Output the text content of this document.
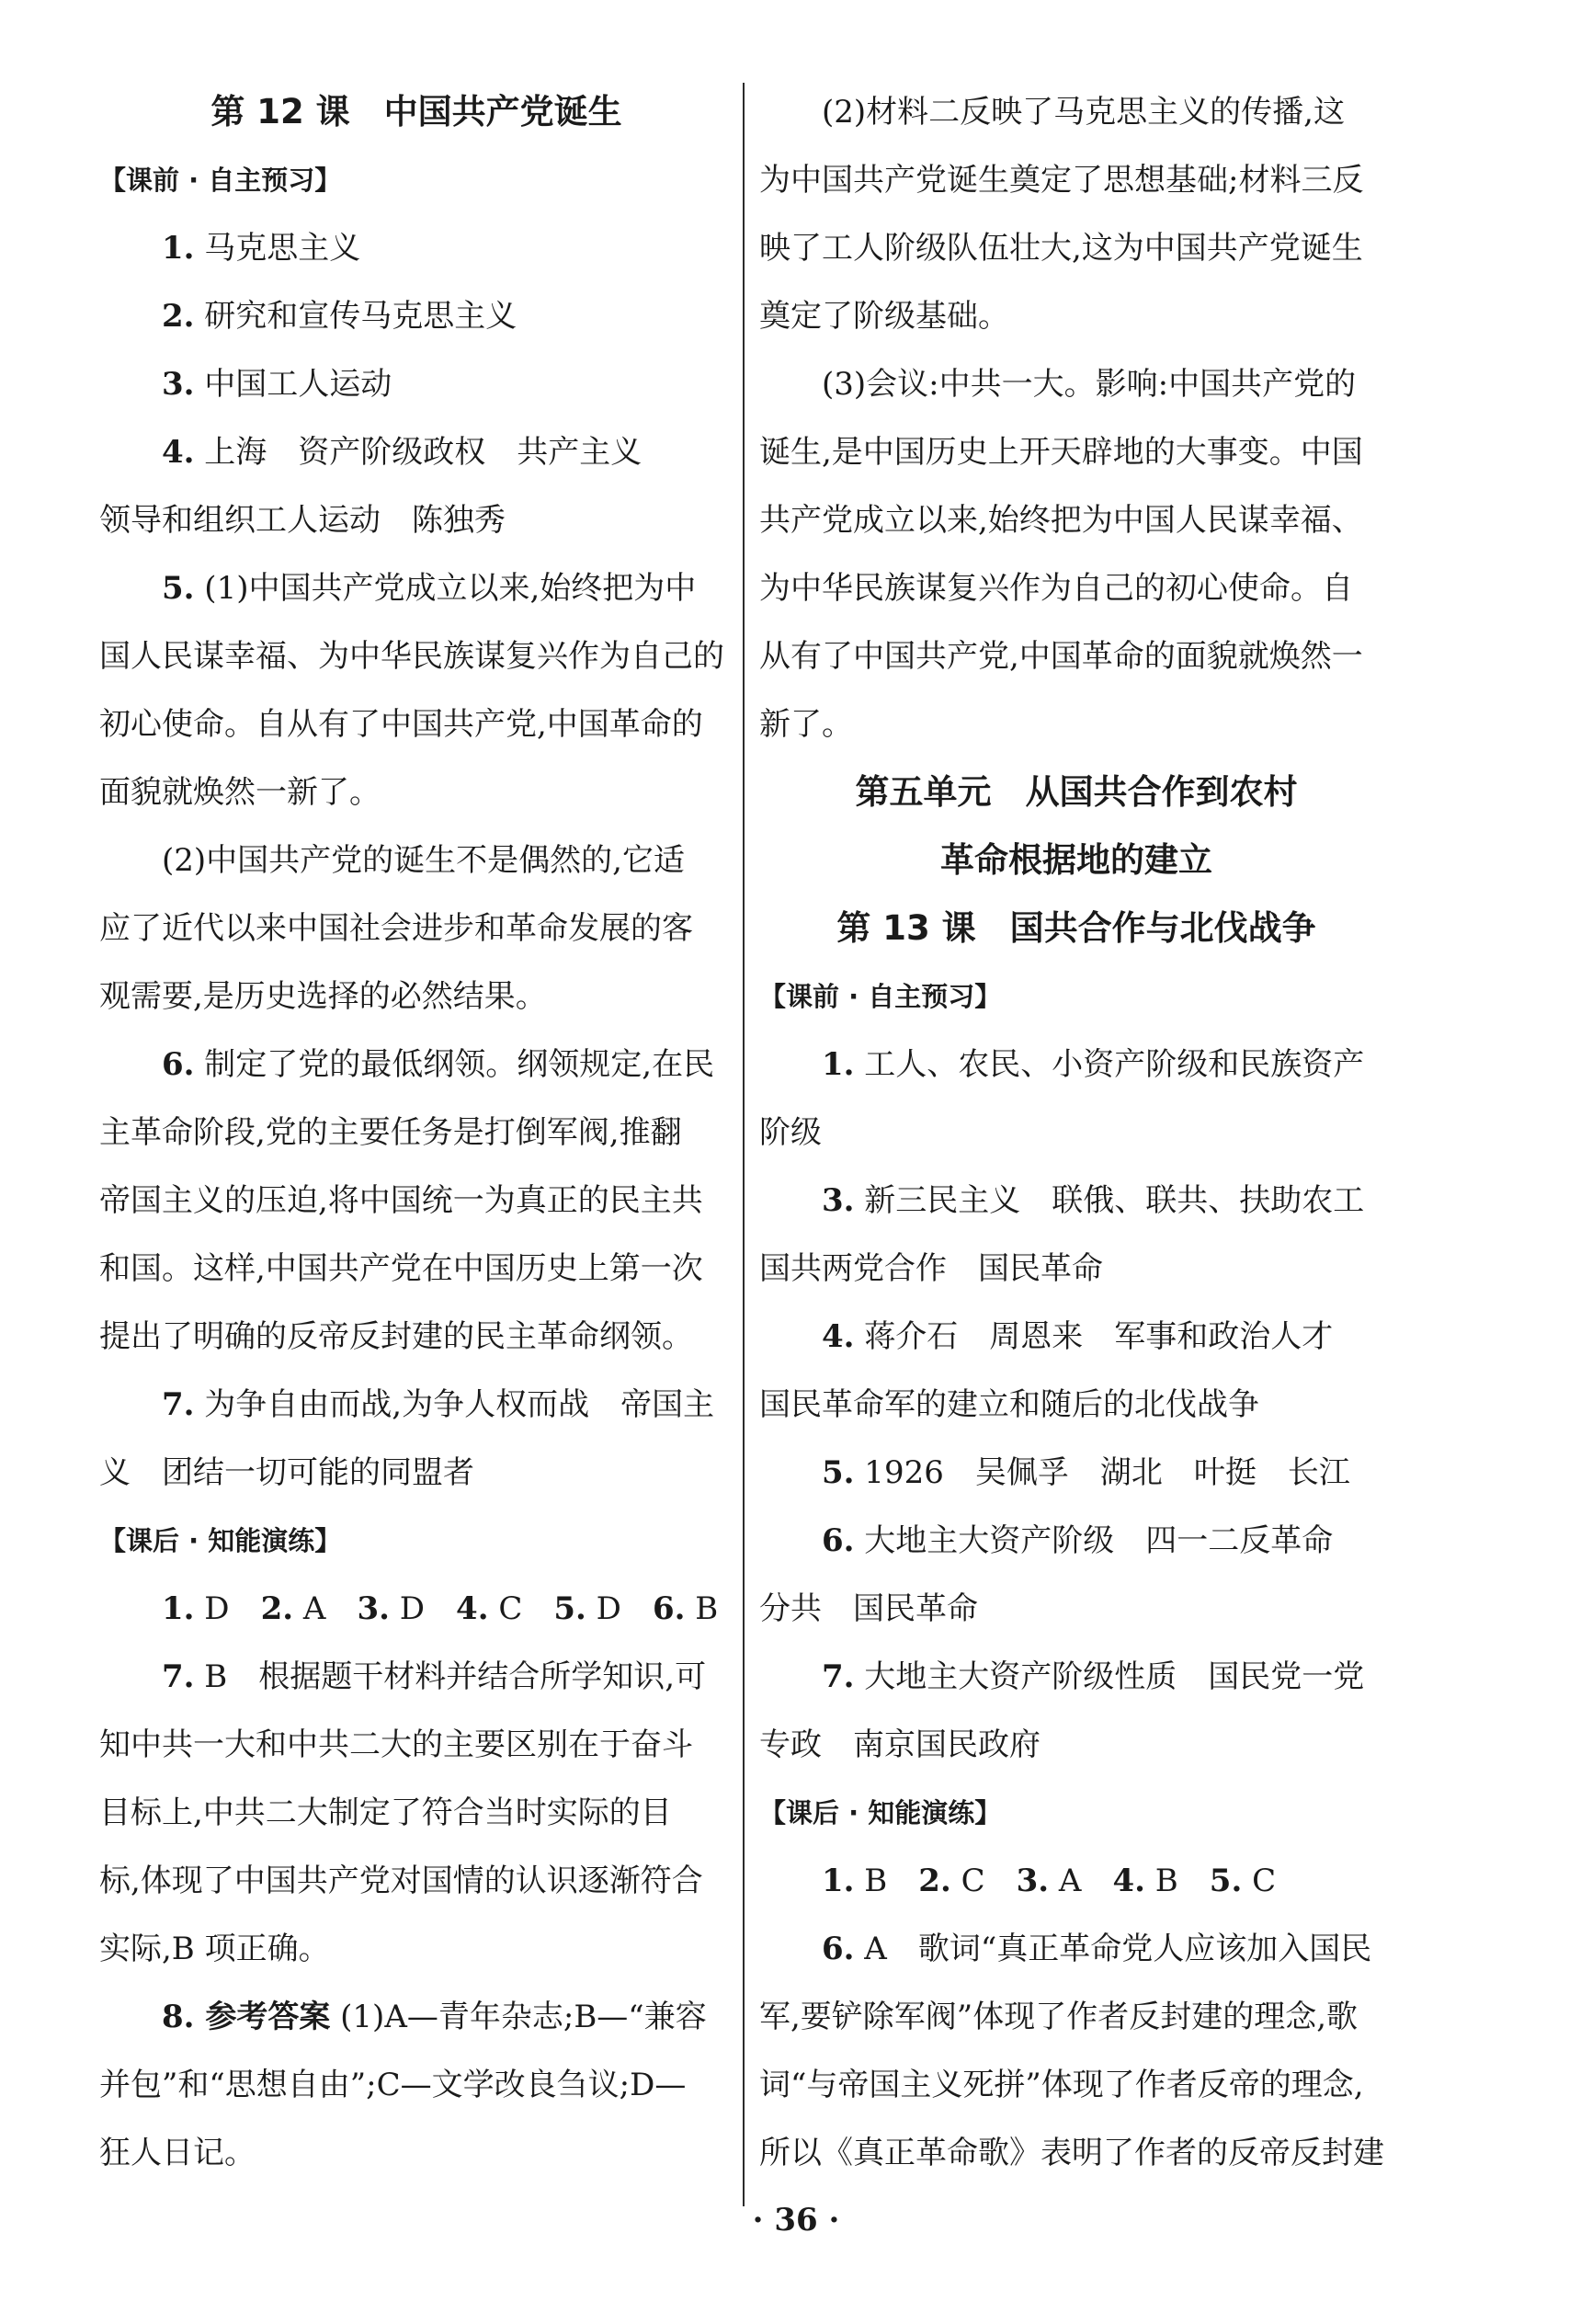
第 12 课　中国共产党诞生
【课前 · 自主预习】
1. 马克思主义
2. 研究和宣传马克思主义
3. 中国工人运动
4. 上海　资产阶级政权　共产主义
领导和组织工人运动　陈独秀
5. (1)中国共产党成立以来,始终把为中
国人民谋幸福、为中华民族谋复兴作为自己的
初心使命。自从有了中国共产党,中国革命的
面貌就焕然一新了。
(2)中国共产党的诞生不是偶然的,它适
应了近代以来中国社会进步和革命发展的客
观需要,是历史选择的必然结果。
6. 制定了党的最低纲领。纲领规定,在民
主革命阶段,党的主要任务是打倒军阀,推翻
帝国主义的压迫,将中国统一为真正的民主共
和国。这样,中国共产党在中国历史上第一次
提出了明确的反帝反封建的民主革命纲领。
7. 为争自由而战,为争人权而战　帝国主
义　团结一切可能的同盟者
【课后 · 知能演练】
1. D　2. A　3. D　4. C　5. D　6. B
7. B　根据题干材料并结合所学知识,可
知中共一大和中共二大的主要区别在于奋斗
目标上,中共二大制定了符合当时实际的目
标,体现了中国共产党对国情的认识逐渐符合
实际,B 项正确。
8. 参考答案 (1)A—青年杂志;B—“兼容
并包”和“思想自由”;C—文学改良刍议;D—
狂人日记。
(2)材料二反映了马克思主义的传播,这
为中国共产党诞生奠定了思想基础;材料三反
映了工人阶级队伍壮大,这为中国共产党诞生
奠定了阶级基础。
(3)会议:中共一大。影响:中国共产党的
诞生,是中国历史上开天辟地的大事变。中国
共产党成立以来,始终把为中国人民谋幸福、
为中华民族谋复兴作为自己的初心使命。自
从有了中国共产党,中国革命的面貌就焕然一
新了。
第五单元　从国共合作到农村
革命根据地的建立
第 13 课　国共合作与北伐战争
【课前 · 自主预习】
1. 工人、农民、小资产阶级和民族资产
阶级
3. 新三民主义　联俄、联共、扶助农工
国共两党合作　国民革命
4. 蒋介石　周恩来　军事和政治人才
国民革命军的建立和随后的北伐战争
5. 1926　吴佩孚　湖北　叶挺　长江
6. 大地主大资产阶级　四一二反革命
分共　国民革命
7. 大地主大资产阶级性质　国民党一党
专政　南京国民政府
【课后 · 知能演练】
1. B　2. C　3. A　4. B　5. C
6. A　歌词“真正革命党人应该加入国民
军,要铲除军阀”体现了作者反封建的理念,歌
词“与帝国主义死拼”体现了作者反帝的理念,
所以《真正革命歌》表明了作者的反帝反封建
· 36 ·
